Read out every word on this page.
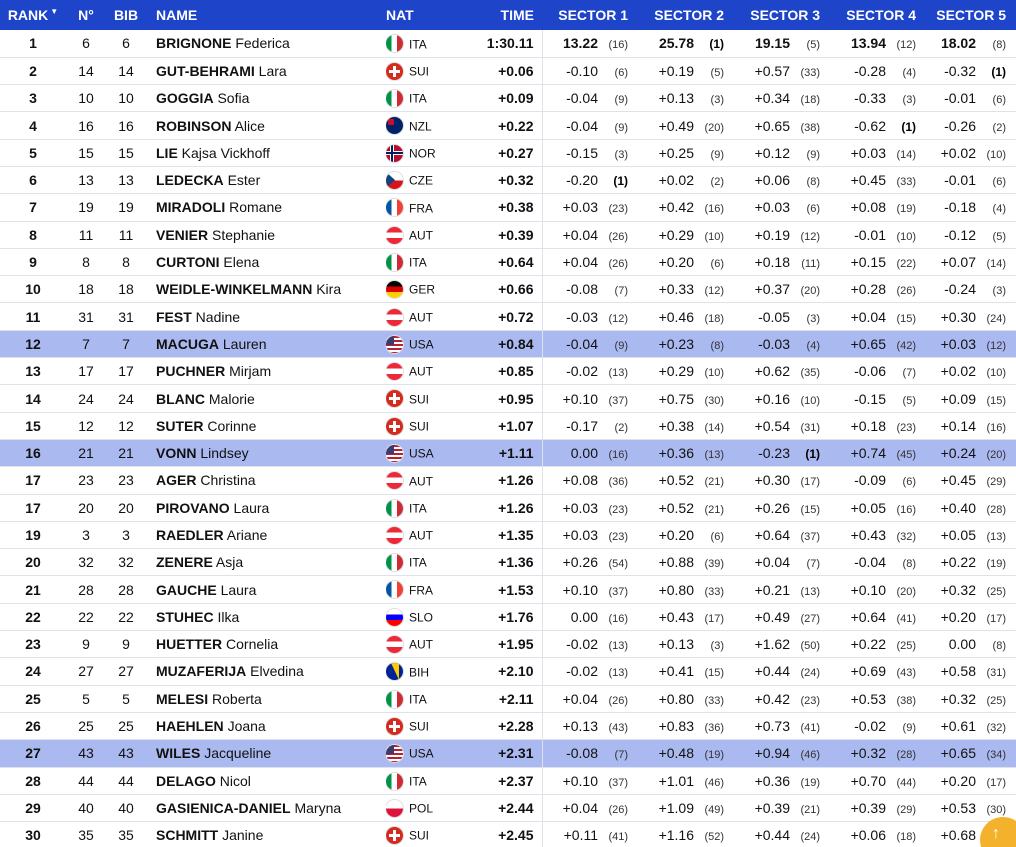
RANK ▼	N°	BIB	NAME	NAT	TIME	SECTOR 1	SECTOR 2	SECTOR 3	SECTOR 4	SECTOR 5
1	6	6	BRIGNONE Federica	ITA	1:30.11	13.22 (16)	25.78 (1)	19.15 (5)	13.94 (12)	18.02 (8)
2	14	14	GUT-BEHRAMI Lara	SUI	+0.06	-0.10 (6)	+0.19 (5)	+0.57 (33)	-0.28 (4)	-0.32 (1)
3	10	10	GOGGIA Sofia	ITA	+0.09	-0.04 (9)	+0.13 (3)	+0.34 (18)	-0.33 (3)	-0.01 (6)
4	16	16	ROBINSON Alice	NZL	+0.22	-0.04 (9)	+0.49 (20)	+0.65 (38)	-0.62 (1)	-0.26 (2)
5	15	15	LIE Kajsa Vickhoff	NOR	+0.27	-0.15 (3)	+0.25 (9)	+0.12 (9)	+0.03 (14)	+0.02 (10)
6	13	13	LEDECKA Ester	CZE	+0.32	-0.20 (1)	+0.02 (2)	+0.06 (8)	+0.45 (33)	-0.01 (6)
7	19	19	MIRADOLI Romane	FRA	+0.38	+0.03 (23)	+0.42 (16)	+0.03 (6)	+0.08 (19)	-0.18 (4)
8	11	11	VENIER Stephanie	AUT	+0.39	+0.04 (26)	+0.29 (10)	+0.19 (12)	-0.01 (10)	-0.12 (5)
9	8	8	CURTONI Elena	ITA	+0.64	+0.04 (26)	+0.20 (6)	+0.18 (11)	+0.15 (22)	+0.07 (14)
10	18	18	WEIDLE-WINKELMANN Kira	GER	+0.66	-0.08 (7)	+0.33 (12)	+0.37 (20)	+0.28 (26)	-0.24 (3)
11	31	31	FEST Nadine	AUT	+0.72	-0.03 (12)	+0.46 (18)	-0.05 (3)	+0.04 (15)	+0.30 (24)
12	7	7	MACUGA Lauren	USA	+0.84	-0.04 (9)	+0.23 (8)	-0.03 (4)	+0.65 (42)	+0.03 (12)
13	17	17	PUCHNER Mirjam	AUT	+0.85	-0.02 (13)	+0.29 (10)	+0.62 (35)	-0.06 (7)	+0.02 (10)
14	24	24	BLANC Malorie	SUI	+0.95	+0.10 (37)	+0.75 (30)	+0.16 (10)	-0.15 (5)	+0.09 (15)
15	12	12	SUTER Corinne	SUI	+1.07	-0.17 (2)	+0.38 (14)	+0.54 (31)	+0.18 (23)	+0.14 (16)
16	21	21	VONN Lindsey	USA	+1.11	0.00 (16)	+0.36 (13)	-0.23 (1)	+0.74 (45)	+0.24 (20)
17	23	23	AGER Christina	AUT	+1.26	+0.08 (36)	+0.52 (21)	+0.30 (17)	-0.09 (6)	+0.45 (29)
17	20	20	PIROVANO Laura	ITA	+1.26	+0.03 (23)	+0.52 (21)	+0.26 (15)	+0.05 (16)	+0.40 (28)
19	3	3	RAEDLER Ariane	AUT	+1.35	+0.03 (23)	+0.20 (6)	+0.64 (37)	+0.43 (32)	+0.05 (13)
20	32	32	ZENERE Asja	ITA	+1.36	+0.26 (54)	+0.88 (39)	+0.04 (7)	-0.04 (8)	+0.22 (19)
21	28	28	GAUCHE Laura	FRA	+1.53	+0.10 (37)	+0.80 (33)	+0.21 (13)	+0.10 (20)	+0.32 (25)
22	22	22	STUHEC Ilka	SLO	+1.76	0.00 (16)	+0.43 (17)	+0.49 (27)	+0.64 (41)	+0.20 (17)
23	9	9	HUETTER Cornelia	AUT	+1.95	-0.02 (13)	+0.13 (3)	+1.62 (50)	+0.22 (25)	0.00 (8)
24	27	27	MUZAFERIJA Elvedina	BIH	+2.10	-0.02 (13)	+0.41 (15)	+0.44 (24)	+0.69 (43)	+0.58 (31)
25	5	5	MELESI Roberta	ITA	+2.11	+0.04 (26)	+0.80 (33)	+0.42 (23)	+0.53 (38)	+0.32 (25)
26	25	25	HAEHLEN Joana	SUI	+2.28	+0.13 (43)	+0.83 (36)	+0.73 (41)	-0.02 (9)	+0.61 (32)
27	43	43	WILES Jacqueline	USA	+2.31	-0.08 (7)	+0.48 (19)	+0.94 (46)	+0.32 (28)	+0.65 (34)
28	44	44	DELAGO Nicol	ITA	+2.37	+0.10 (37)	+1.01 (46)	+0.36 (19)	+0.70 (44)	+0.20 (17)
29	40	40	GASIENICA-DANIEL Maryna	POL	+2.44	+0.04 (26)	+1.09 (49)	+0.39 (21)	+0.39 (29)	+0.53 (30)
30	35	35	SCHMITT Janine	SUI	+2.45	+0.11 (41)	+1.16 (52)	+0.44 (24)	+0.06 (18)	+0.68 ↑
